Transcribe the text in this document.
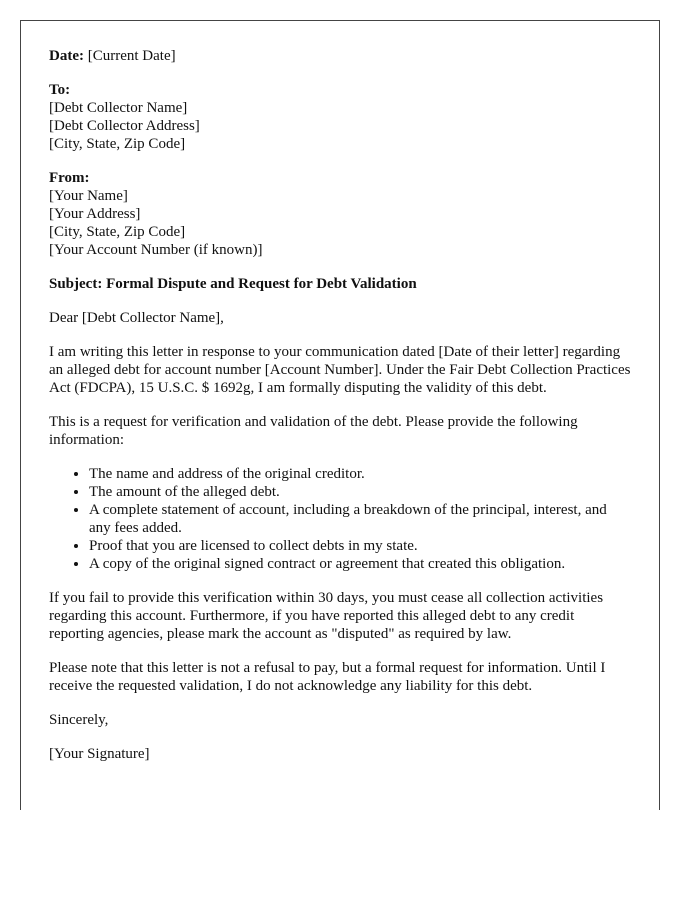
Date: [Current Date]

To:

[Debt Collector Name]

[Debt Collector Address]

[City, State, Zip Code]

From:

[Your Name]

[Your Address]

[City, State, Zip Code]

[Your Account Number (if known)]

Subject: Formal Dispute and Request for Debt Validation

Dear [Debt Collector Name],

I am writing this letter in response to your communication dated [Date of their letter] regarding an alleged debt for account number [Account Number]. Under the Fair Debt Collection Practices Act (FDCPA), 15 U.S.C. $ 1692g, I am formally disputing the validity of this debt.

This is a request for verification and validation of the debt. Please provide the following information:

• The name and address of the original creditor.
• The amount of the alleged debt.
• A complete statement of account, including a breakdown of the principal, interest, and any fees added.
• Proof that you are licensed to collect debts in my state.
• A copy of the original signed contract or agreement that created this obligation.

If you fail to provide this verification within 30 days, you must cease all collection activities regarding this account. Furthermore, if you have reported this alleged debt to any credit reporting agencies, please mark the account as "disputed" as required by law.

Please note that this letter is not a refusal to pay, but a formal request for information. Until I receive the requested validation, I do not acknowledge any liability for this debt.

Sincerely,

[Your Signature]
